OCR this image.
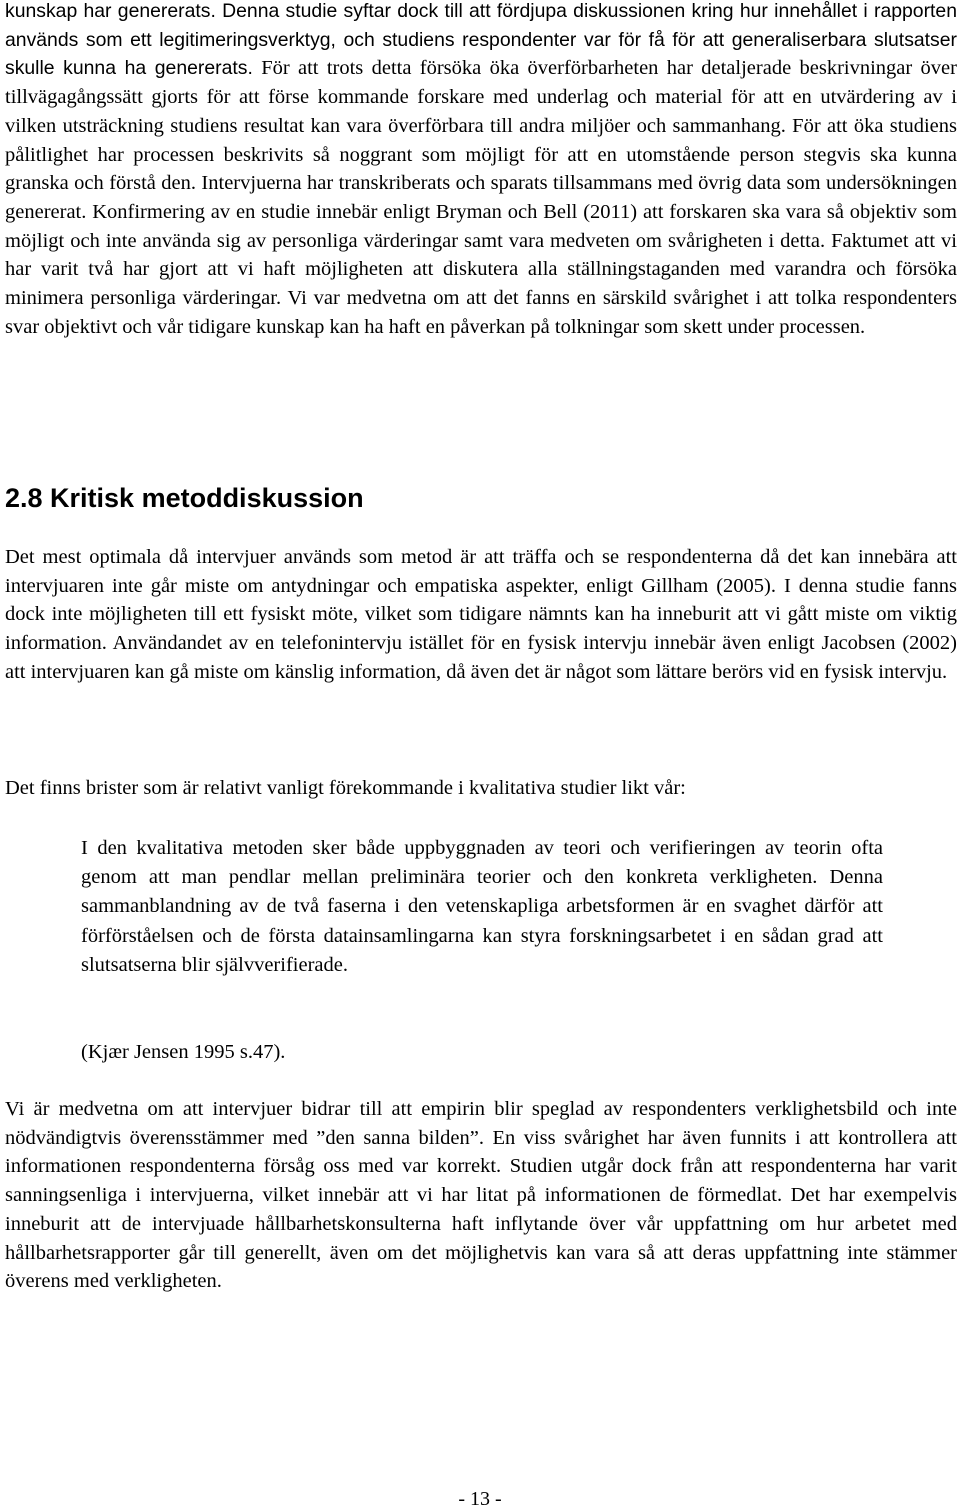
kunskap har genererats. Denna studie syftar dock till att fördjupa diskussionen kring hur innehållet i rapporten används som ett legitimeringsverktyg, och studiens respondenter var för få för att generaliserbara slutsatser skulle kunna ha genererats. För att trots detta försöka öka överförbarheten har detaljerade beskrivningar över tillvägagångssätt gjorts för att förse kommande forskare med underlag och material för att en utvärdering av i vilken utsträckning studiens resultat kan vara överförbara till andra miljöer och sammanhang. För att öka studiens pålitlighet har processen beskrivits så noggrant som möjligt för att en utomstående person stegvis ska kunna granska och förstå den. Intervjuerna har transkriberats och sparats tillsammans med övrig data som undersökningen genererat. Konfirmering av en studie innebär enligt Bryman och Bell (2011) att forskaren ska vara så objektiv som möjligt och inte använda sig av personliga värderingar samt vara medveten om svårigheten i detta. Faktumet att vi har varit två har gjort att vi haft möjligheten att diskutera alla ställningstaganden med varandra och försöka minimera personliga värderingar. Vi var medvetna om att det fanns en särskild svårighet i att tolka respondenters svar objektivt och vår tidigare kunskap kan ha haft en påverkan på tolkningar som skett under processen.

2.8 Kritisk metoddiskussion

Det mest optimala då intervjuer används som metod är att träffa och se respondenterna då det kan innebära att intervjuaren inte går miste om antydningar och empatiska aspekter, enligt Gillham (2005). I denna studie fanns dock inte möjligheten till ett fysiskt möte, vilket som tidigare nämnts kan ha inneburit att vi gått miste om viktig information. Användandet av en telefonintervju istället för en fysisk intervju innebär även enligt Jacobsen (2002) att intervjuaren kan gå miste om känslig information, då även det är något som lättare berörs vid en fysisk intervju.

Det finns brister som är relativt vanligt förekommande i kvalitativa studier likt vår:

I den kvalitativa metoden sker både uppbyggnaden av teori och verifieringen av teorin ofta genom att man pendlar mellan preliminära teorier och den konkreta verkligheten. Denna sammanblandning av de två faserna i den vetenskapliga arbetsformen är en svaghet därför att förförståelsen och de första datainsamlingarna kan styra forskningsarbetet i en sådan grad att slutsatserna blir självverifierade.

(Kjær Jensen 1995 s.47).

Vi är medvetna om att intervjuer bidrar till att empirin blir speglad av respondenters verklighetsbild och inte nödvändigtvis överensstämmer med ”den sanna bilden”. En viss svårighet har även funnits i att kontrollera att informationen respondenterna försåg oss med var korrekt. Studien utgår dock från att respondenterna har varit sanningsenliga i intervjuerna, vilket innebär att vi har litat på informationen de förmedlat. Det har exempelvis inneburit att de intervjuade hållbarhetskonsulterna haft inflytande över vår uppfattning om hur arbetet med hållbarhetsrapporter går till generellt, även om det möjlighetvis kan vara så att deras uppfattning inte stämmer överens med verkligheten.

- 13 -
